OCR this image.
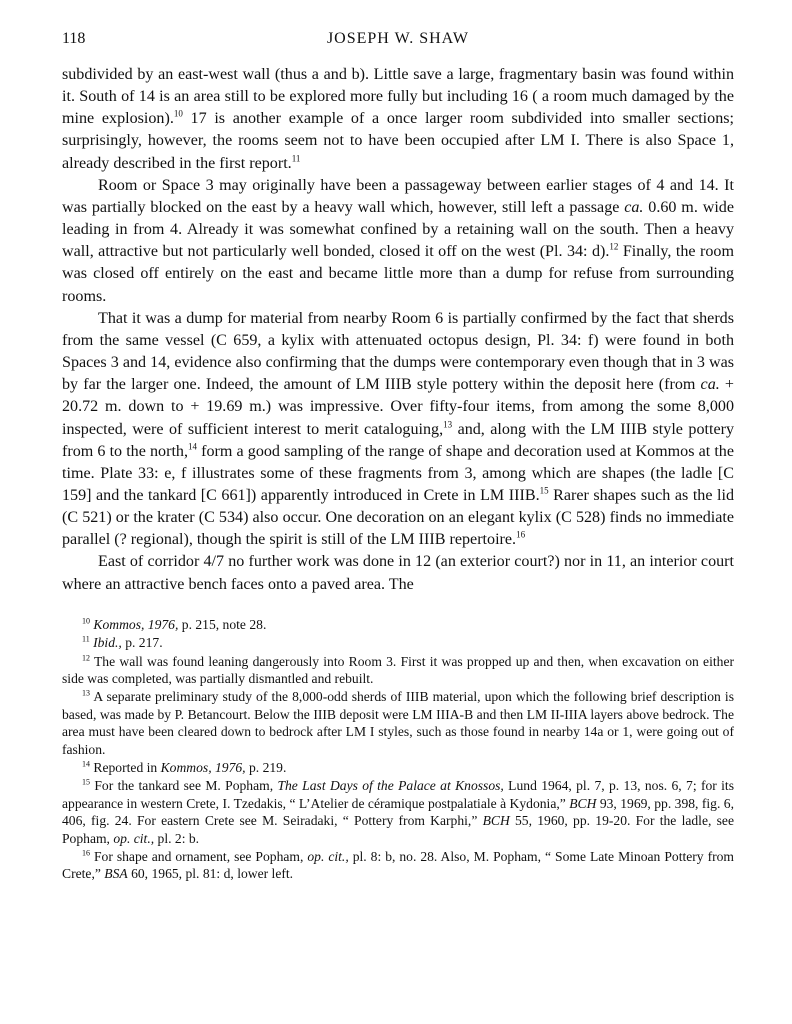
118	JOSEPH W. SHAW

subdivided by an east-west wall (thus a and b). Little save a large, fragmentary basin was found within it. South of 14 is an area still to be explored more fully but including 16 ( a room much damaged by the mine explosion).$^{10}$ 17 is another example of a once larger room subdivided into smaller sections; surprisingly, however, the rooms seem not to have been occupied after LM I. There is also Space 1, already described in the first report.$^{11}$

Room or Space 3 may originally have been a passageway between earlier stages of 4 and 14. It was partially blocked on the east by a heavy wall which, however, still left a passage ca. 0.60 m. wide leading in from 4. Already it was somewhat confined by a retaining wall on the south. Then a heavy wall, attractive but not particularly well bonded, closed it off on the west (Pl. 34: d).$^{12}$ Finally, the room was closed off entirely on the east and became little more than a dump for refuse from surrounding rooms.

That it was a dump for material from nearby Room 6 is partially confirmed by the fact that sherds from the same vessel (C 659, a kylix with attenuated octopus design, Pl. 34: f) were found in both Spaces 3 and 14, evidence also confirming that the dumps were contemporary even though that in 3 was by far the larger one. Indeed, the amount of LM IIIB style pottery within the deposit here (from ca. + 20.72 m. down to + 19.69 m.) was impressive. Over fifty-four items, from among the some 8,000 inspected, were of sufficient interest to merit cataloguing,$^{13}$ and, along with the LM IIIB style pottery from 6 to the north,$^{14}$ form a good sampling of the range of shape and decoration used at Kommos at the time. Plate 33: e, f illustrates some of these fragments from 3, among which are shapes (the ladle [C 159] and the tankard [C 661]) apparently introduced in Crete in LM IIIB.$^{15}$ Rarer shapes such as the lid (C 521) or the krater (C 534) also occur. One decoration on an elegant kylix (C 528) finds no immediate parallel (? regional), though the spirit is still of the LM IIIB repertoire.$^{16}$

East of corridor 4/7 no further work was done in 12 (an exterior court?) nor in 11, an interior court where an attractive bench faces onto a paved area. The

$^{10}$ Kommos, 1976, p. 215, note 28.

$^{11}$ Ibid., p. 217.

$^{12}$ The wall was found leaning dangerously into Room 3. First it was propped up and then, when excavation on either side was completed, was partially dismantled and rebuilt.

$^{13}$ A separate preliminary study of the 8,000-odd sherds of IIIB material, upon which the following brief description is based, was made by P. Betancourt. Below the IIIB deposit were LM IIIA-B and then LM II-IIIA layers above bedrock. The area must have been cleared down to bedrock after LM I styles, such as those found in nearby 14a or 1, were going out of fashion.

$^{14}$ Reported in Kommos, 1976, p. 219.

$^{15}$ For the tankard see M. Popham, The Last Days of the Palace at Knossos, Lund 1964, pl. 7, p. 13, nos. 6, 7; for its appearance in western Crete, I. Tzedakis, “ L’Atelier de céramique postpalatiale à Kydonia,” BCH 93, 1969, pp. 398, fig. 6, 406, fig. 24. For eastern Crete see M. Seiradaki, “ Pottery from Karphi,” BCH 55, 1960, pp. 19-20. For the ladle, see Popham, op. cit., pl. 2: b.

$^{16}$ For shape and ornament, see Popham, op. cit., pl. 8: b, no. 28. Also, M. Popham, “ Some Late Minoan Pottery from Crete,” BSA 60, 1965, pl. 81: d, lower left.
